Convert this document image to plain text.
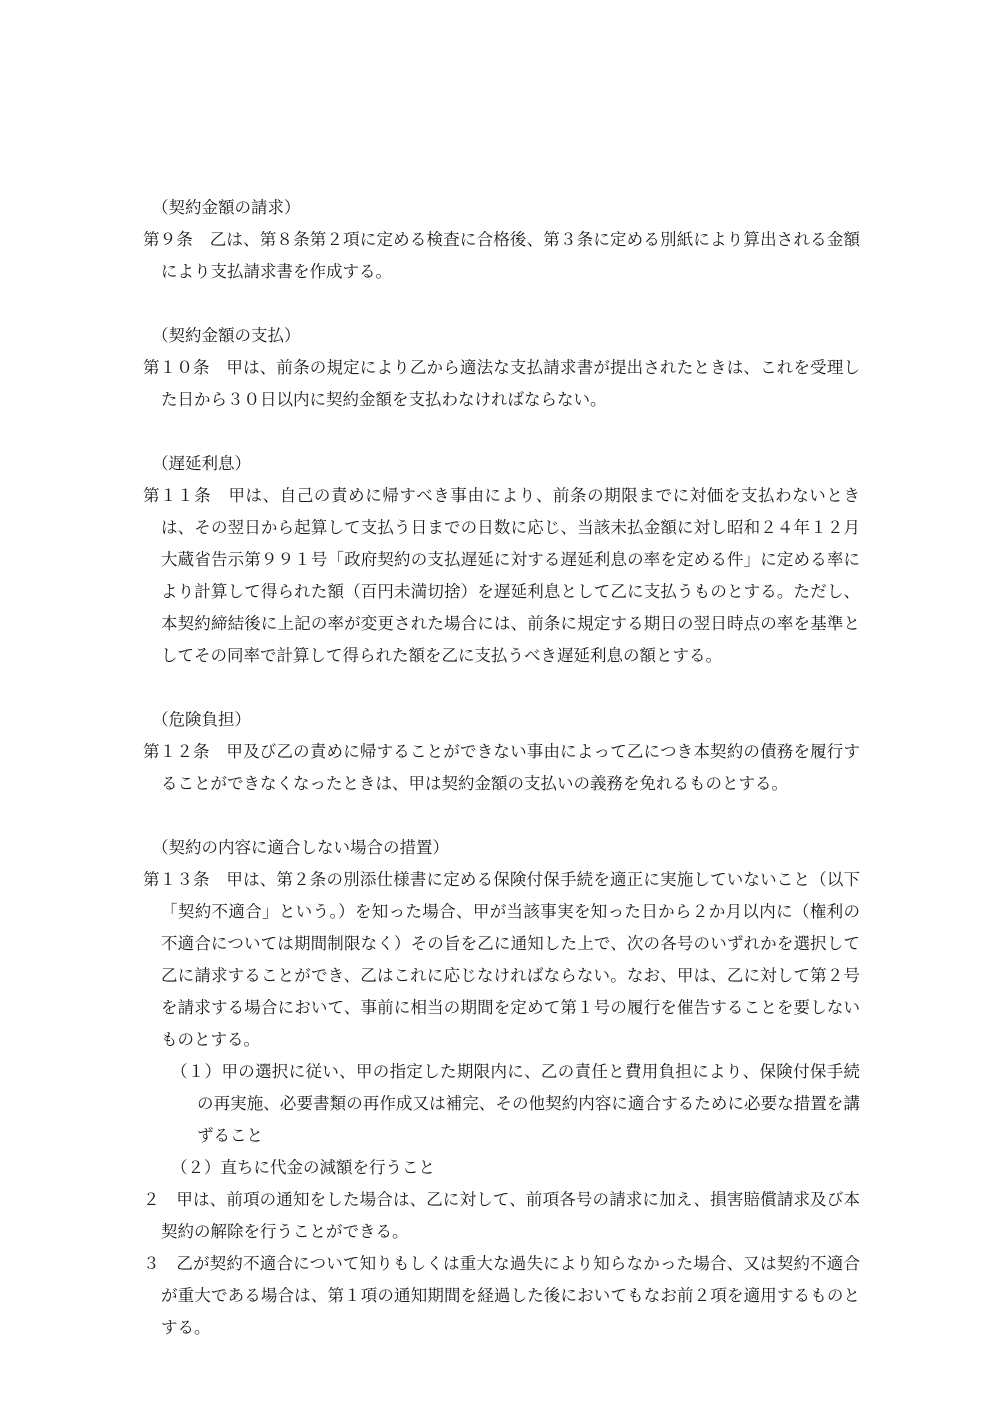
（契約金額の請求）

第９条　乙は、第８条第２項に定める検査に合格後、第３条に定める別紙により算出される金額により支払請求書を作成する。

（契約金額の支払）

第１０条　甲は、前条の規定により乙から適法な支払請求書が提出されたときは、これを受理した日から３０日以内に契約金額を支払わなければならない。

（遅延利息）

第１１条　甲は、自己の責めに帰すべき事由により、前条の期限までに対価を支払わないときは、その翌日から起算して支払う日までの日数に応じ、当該未払金額に対し昭和２４年１２月大蔵省告示第９９１号「政府契約の支払遅延に対する遅延利息の率を定める件」に定める率により計算して得られた額（百円未満切捨）を遅延利息として乙に支払うものとする。ただし、本契約締結後に上記の率が変更された場合には、前条に規定する期日の翌日時点の率を基準としてその同率で計算して得られた額を乙に支払うべき遅延利息の額とする。

（危険負担）

第１２条　甲及び乙の責めに帰することができない事由によって乙につき本契約の債務を履行することができなくなったときは、甲は契約金額の支払いの義務を免れるものとする。

（契約の内容に適合しない場合の措置）

第１３条　甲は、第２条の別添仕様書に定める保険付保手続を適正に実施していないこと（以下「契約不適合」という。）を知った場合、甲が当該事実を知った日から２か月以内に（権利の不適合については期間制限なく）その旨を乙に通知した上で、次の各号のいずれかを選択して乙に請求することができ、乙はこれに応じなければならない。なお、甲は、乙に対して第２号を請求する場合において、事前に相当の期間を定めて第１号の履行を催告することを要しないものとする。

（１）甲の選択に従い、甲の指定した期限内に、乙の責任と費用負担により、保険付保手続の再実施、必要書類の再作成又は補完、その他契約内容に適合するために必要な措置を講ずること

（２）直ちに代金の減額を行うこと

２　甲は、前項の通知をした場合は、乙に対して、前項各号の請求に加え、損害賠償請求及び本契約の解除を行うことができる。

３　乙が契約不適合について知りもしくは重大な過失により知らなかった場合、又は契約不適合が重大である場合は、第１項の通知期間を経過した後においてもなお前２項を適用するものとする。
